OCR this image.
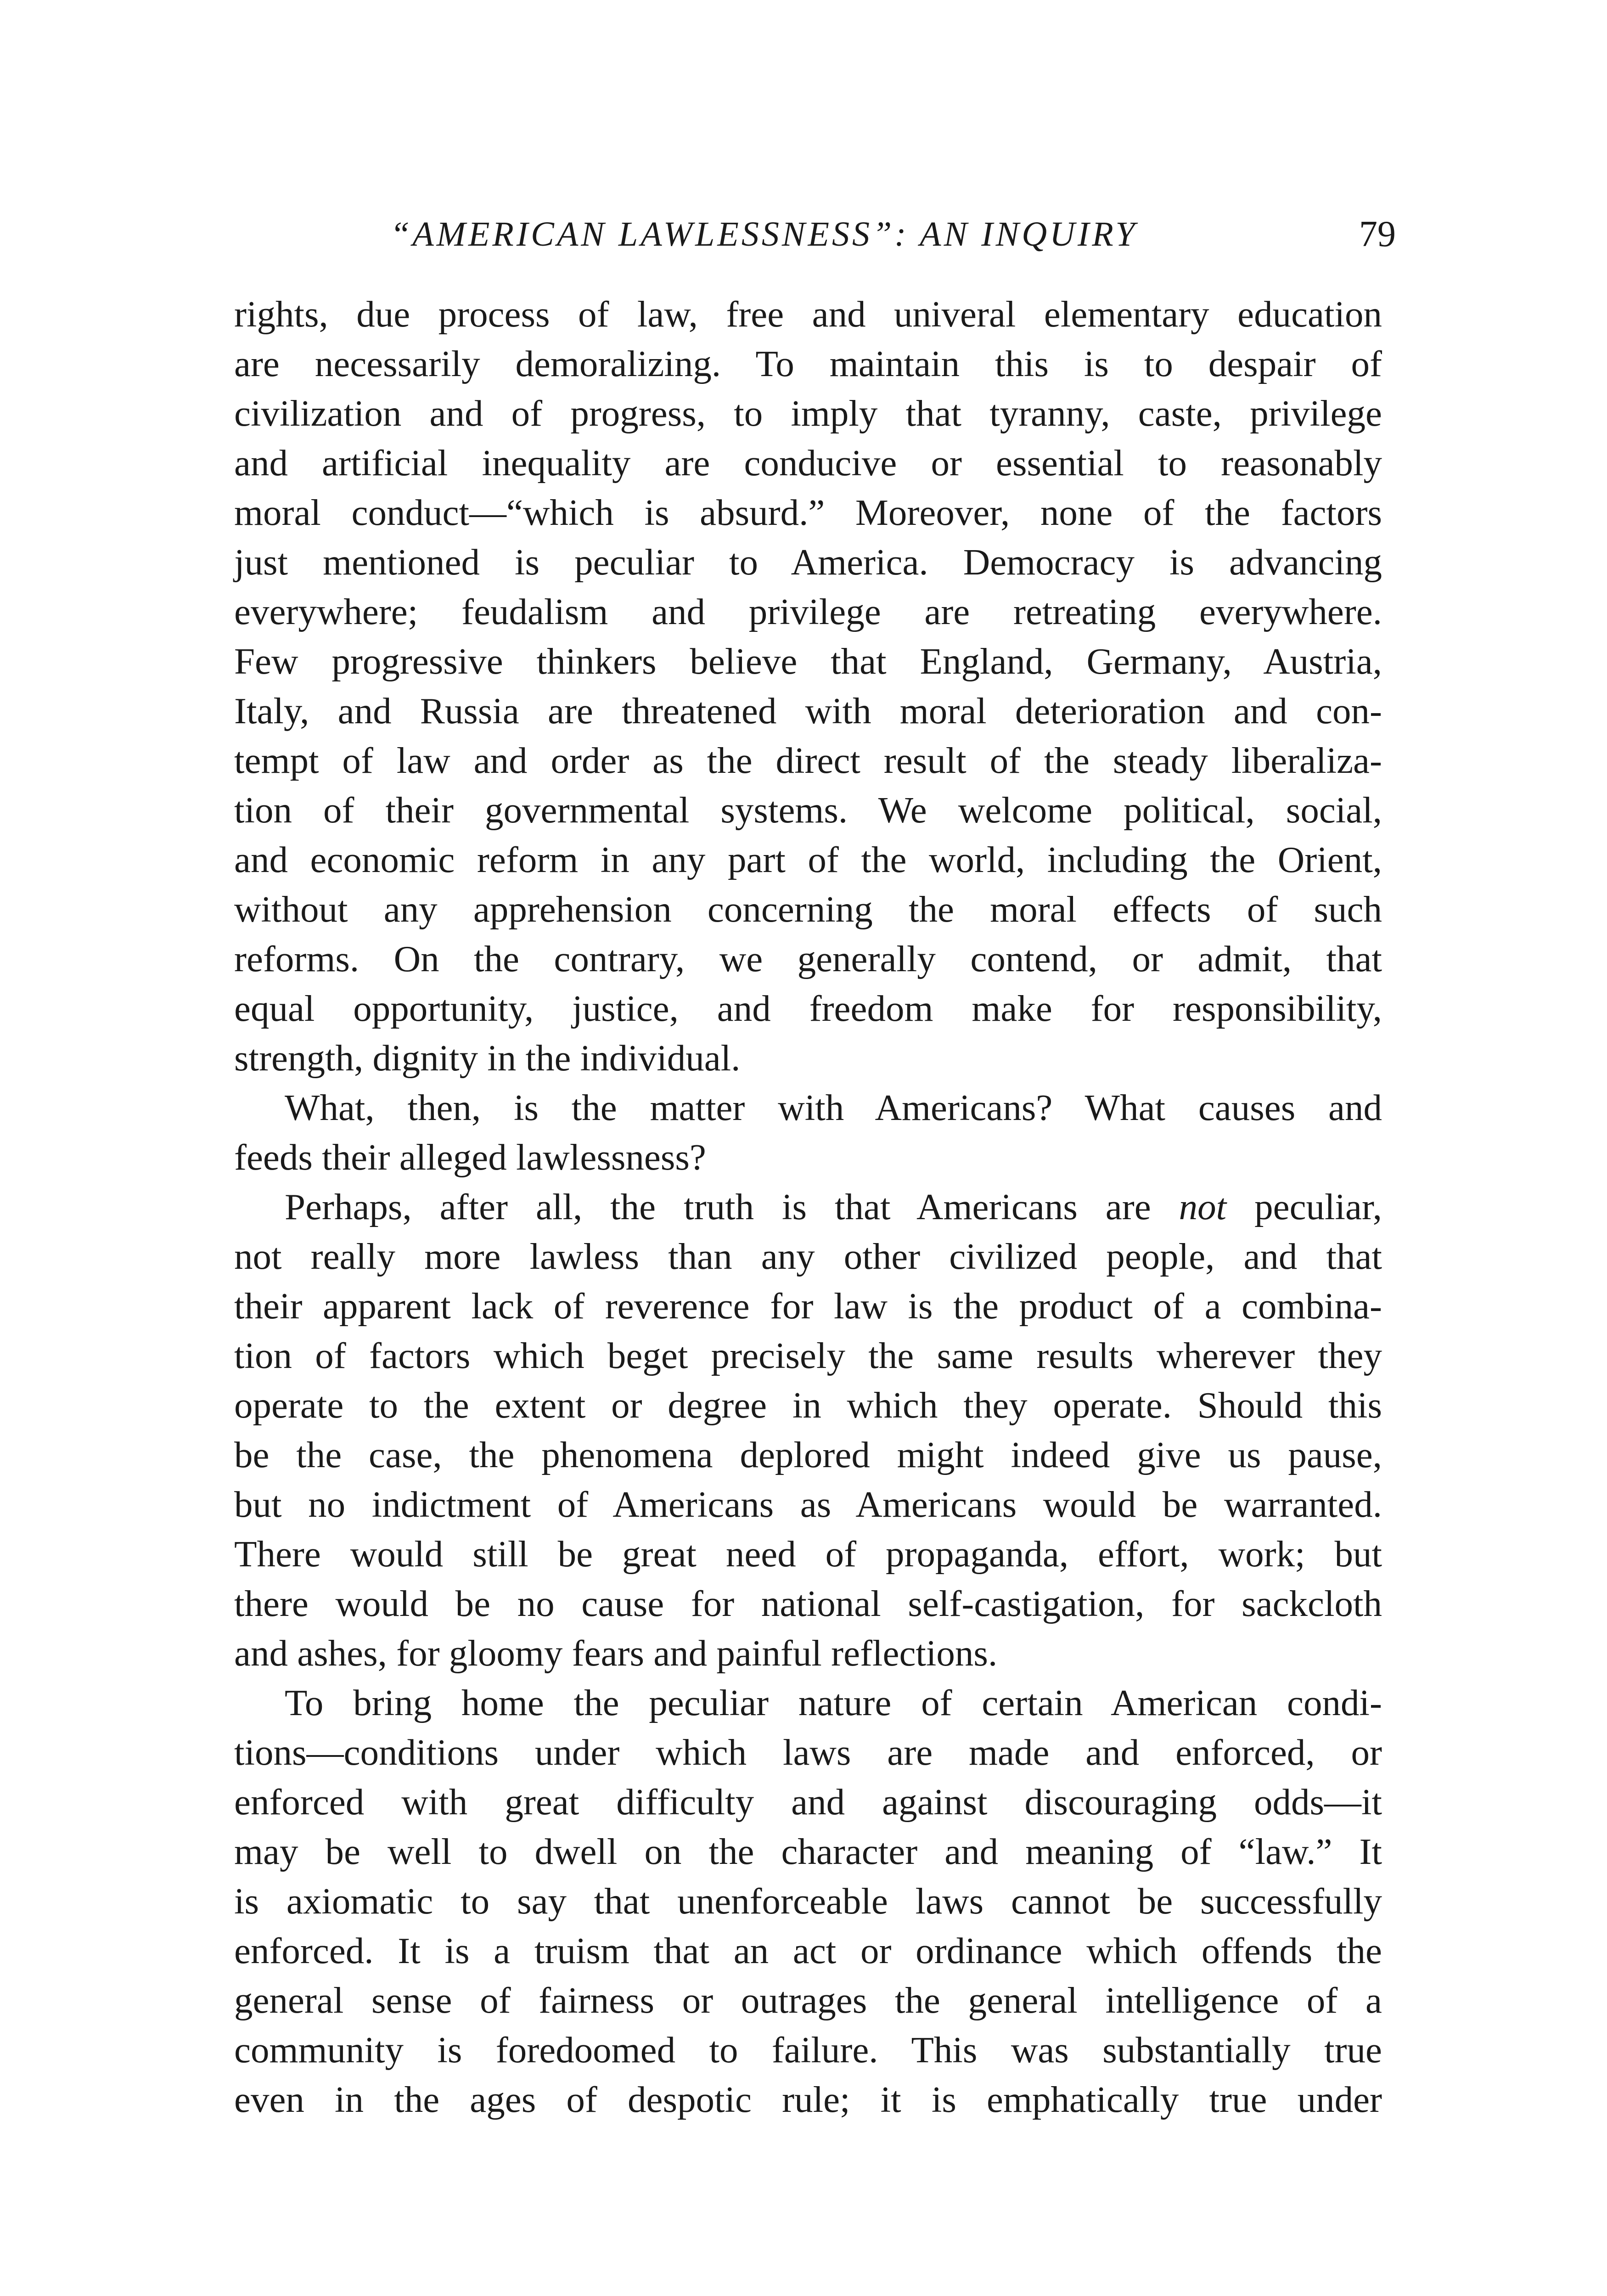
“AMERICAN LAWLESSNESS”: AN INQUIRY	79
rights, due process of law, free and univeral elementary education
are necessarily demoralizing. To maintain this is to despair of
civilization and of progress, to imply that tyranny, caste, privilege
and artificial inequality are conducive or essential to reasonably
moral conduct—“which is absurd.” Moreover, none of the factors
just mentioned is peculiar to America. Democracy is advancing
everywhere; feudalism and privilege are retreating everywhere.
Few progressive thinkers believe that England, Germany, Austria,
Italy, and Russia are threatened with moral deterioration and con-
tempt of law and order as the direct result of the steady liberaliza-
tion of their governmental systems. We welcome political, social,
and economic reform in any part of the world, including the Orient,
without any apprehension concerning the moral effects of such
reforms. On the contrary, we generally contend, or admit, that
equal opportunity, justice, and freedom make for responsibility,
strength, dignity in the individual.
What, then, is the matter with Americans? What causes and
feeds their alleged lawlessness?
Perhaps, after all, the truth is that Americans are not peculiar,
not really more lawless than any other civilized people, and that
their apparent lack of reverence for law is the product of a combina-
tion of factors which beget precisely the same results wherever they
operate to the extent or degree in which they operate. Should this
be the case, the phenomena deplored might indeed give us pause,
but no indictment of Americans as Americans would be warranted.
There would still be great need of propaganda, effort, work; but
there would be no cause for national self-castigation, for sackcloth
and ashes, for gloomy fears and painful reflections.
To bring home the peculiar nature of certain American condi-
tions—conditions under which laws are made and enforced, or
enforced with great difficulty and against discouraging odds—it
may be well to dwell on the character and meaning of “law.” It
is axiomatic to say that unenforceable laws cannot be successfully
enforced. It is a truism that an act or ordinance which offends the
general sense of fairness or outrages the general intelligence of a
community is foredoomed to failure. This was substantially true
even in the ages of despotic rule; it is emphatically true under
